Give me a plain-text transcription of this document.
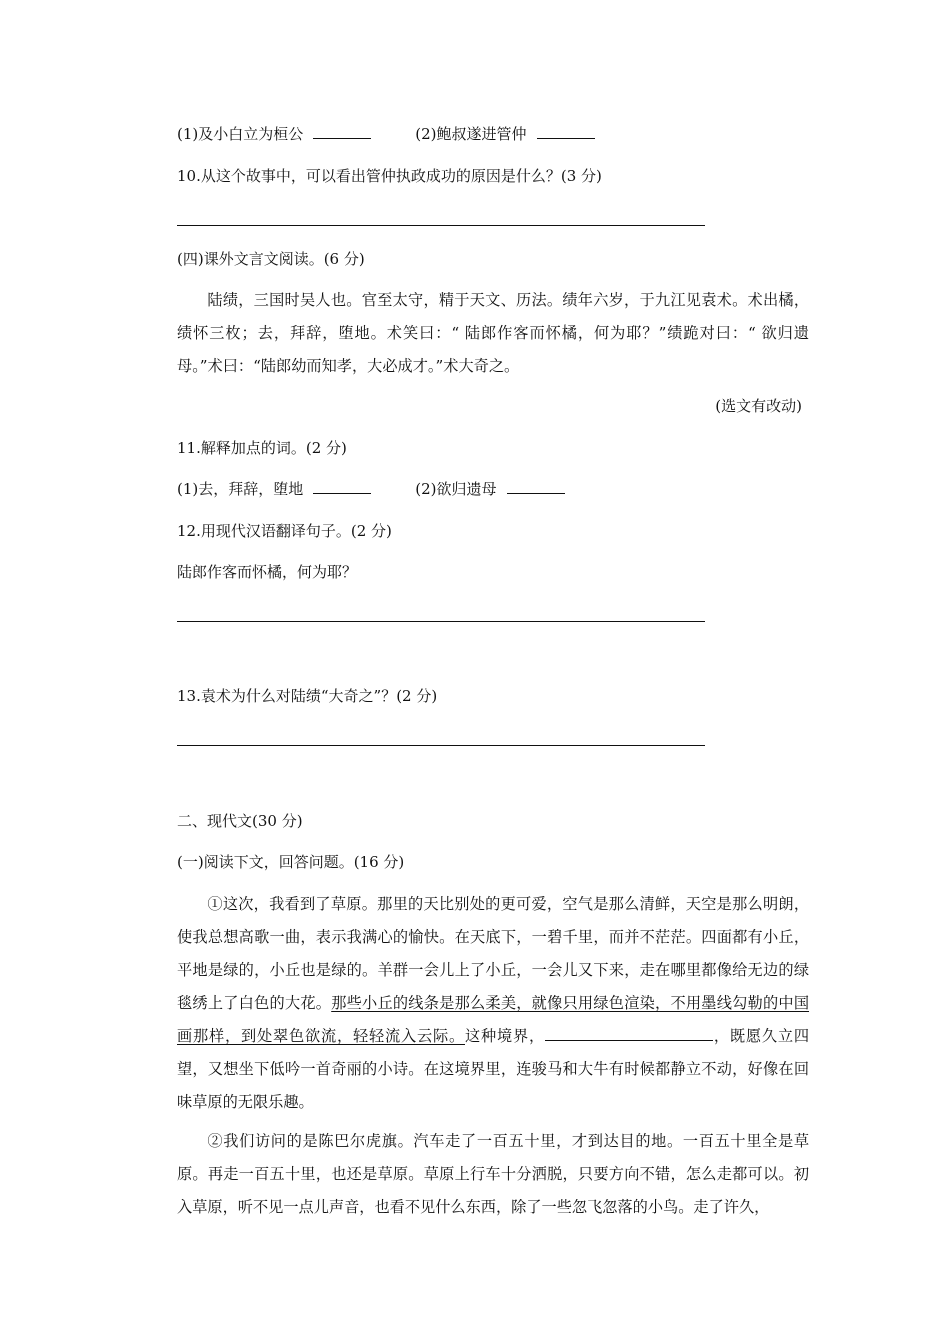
(1)及小白立为桓公	(2)鲍叔遂进管仲
10.从这个故事中，可以看出管仲执政成功的原因是什么？(3 分)
(四)课外文言文阅读。(6 分)
陆绩，三国时吴人也。官至太守，精于天文、历法。绩年六岁，于九江见袁术。术出橘，绩怀三枚；去，拜辞，堕地。术笑曰：“ 陆郎作客而怀橘，何为耶？”绩跪对曰：“ 欲归遗母。”术曰：“陆郎幼而知孝，大必成才。”术大奇之。
(选文有改动)
11.解释加点的词。(2 分)
(1)去，拜辞，堕地	(2)欲归遗母
12.用现代汉语翻译句子。(2 分)
陆郎作客而怀橘，何为耶？
13.袁术为什么对陆绩“大奇之”？(2 分)
二、现代文(30 分)
(一)阅读下文，回答问题。(16 分)
①这次，我看到了草原。那里的天比别处的更可爱，空气是那么清鲜，天空是那么明朗，使我总想高歌一曲，表示我满心的愉快。在天底下，一碧千里，而并不茫茫。四面都有小丘，平地是绿的，小丘也是绿的。羊群一会儿上了小丘，一会儿又下来，走在哪里都像给无边的绿毯绣上了白色的大花。那些小丘的线条是那么柔美，就像只用绿色渲染，不用墨线勾勒的中国画那样，到处翠色欲流，轻轻流入云际。这种境界，	，既愿久立四望，又想坐下低吟一首奇丽的小诗。在这境界里，连骏马和大牛有时候都静立不动，好像在回味草原的无限乐趣。
②我们访问的是陈巴尔虎旗。汽车走了一百五十里，才到达目的地。一百五十里全是草原。再走一百五十里，也还是草原。草原上行车十分洒脱，只要方向不错，怎么走都可以。初入草原，听不见一点儿声音，也看不见什么东西，除了一些忽飞忽落的小鸟。走了许久，
